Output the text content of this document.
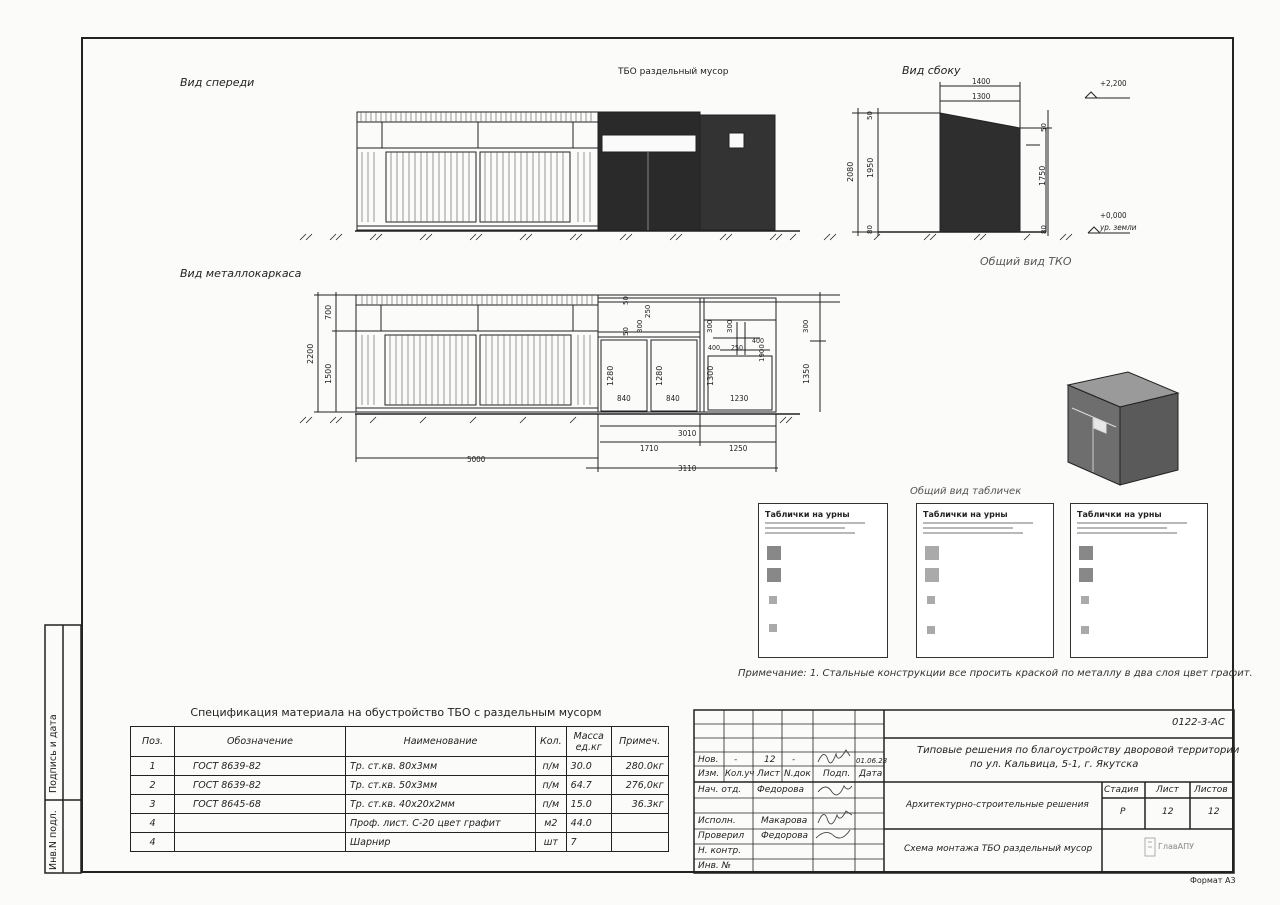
Вид спереди
ТБО раздельный мусор	Вид сбоку
Вид металлокаркаса
Общий вид ТКО
Общий вид табличек
Примечание: 1. Стальные конструкции все просить краской по металлу в два слоя цвет графит.
1400
1300
2080 1950	1750
50
50
80	80
+2,200
+0,000
ур. земли
2200
700
1500
50
50 300
250
300 300	300
400 250
400
1900
1280	1280	1300	1350
840	840	1230
3010
1710	1250
5000
3110
Таблички на урны	Таблички на урны	Таблички на урны
Спецификация материала на обустройство ТБО с раздельным мусорм
Поз.	Обозначение	Наименование	Кол.	Масса ед.кг	Примеч.
1	ГОСТ 8639-82	Тр. ст.кв. 80х3мм	п/м	30.0	280.0кг
2	ГОСТ 8639-82	Тр. ст.кв. 50х3мм	п/м	64.7	276,0кг
3	ГОСТ 8645-68	Тр. ст.кв. 40х20х2мм	п/м	15.0	36.3кг
4		Проф. лист. С-20 цвет графит	м2	44.0	
4		Шарнир	шт	7	
Подпись и дата
Инв.N подл.
0122-3-АС
Типовые решения по благоустройству дворовой территории
по ул. Кальвица, 5-1, г. Якутска
Архитектурно-строительные решения
Схема монтажа ТБО раздельный мусор
Стадия Лист Листов
Р	12	12
Нов. -	12 -	01.06.23
Изм. Кол.уч Лист N.док Подп. Дата
Нач. отд. Федорова
Исполн.	Макарова
Проверил Федорова
Н. контр.
Инв. №
ГлавАПУ
Формат А3
